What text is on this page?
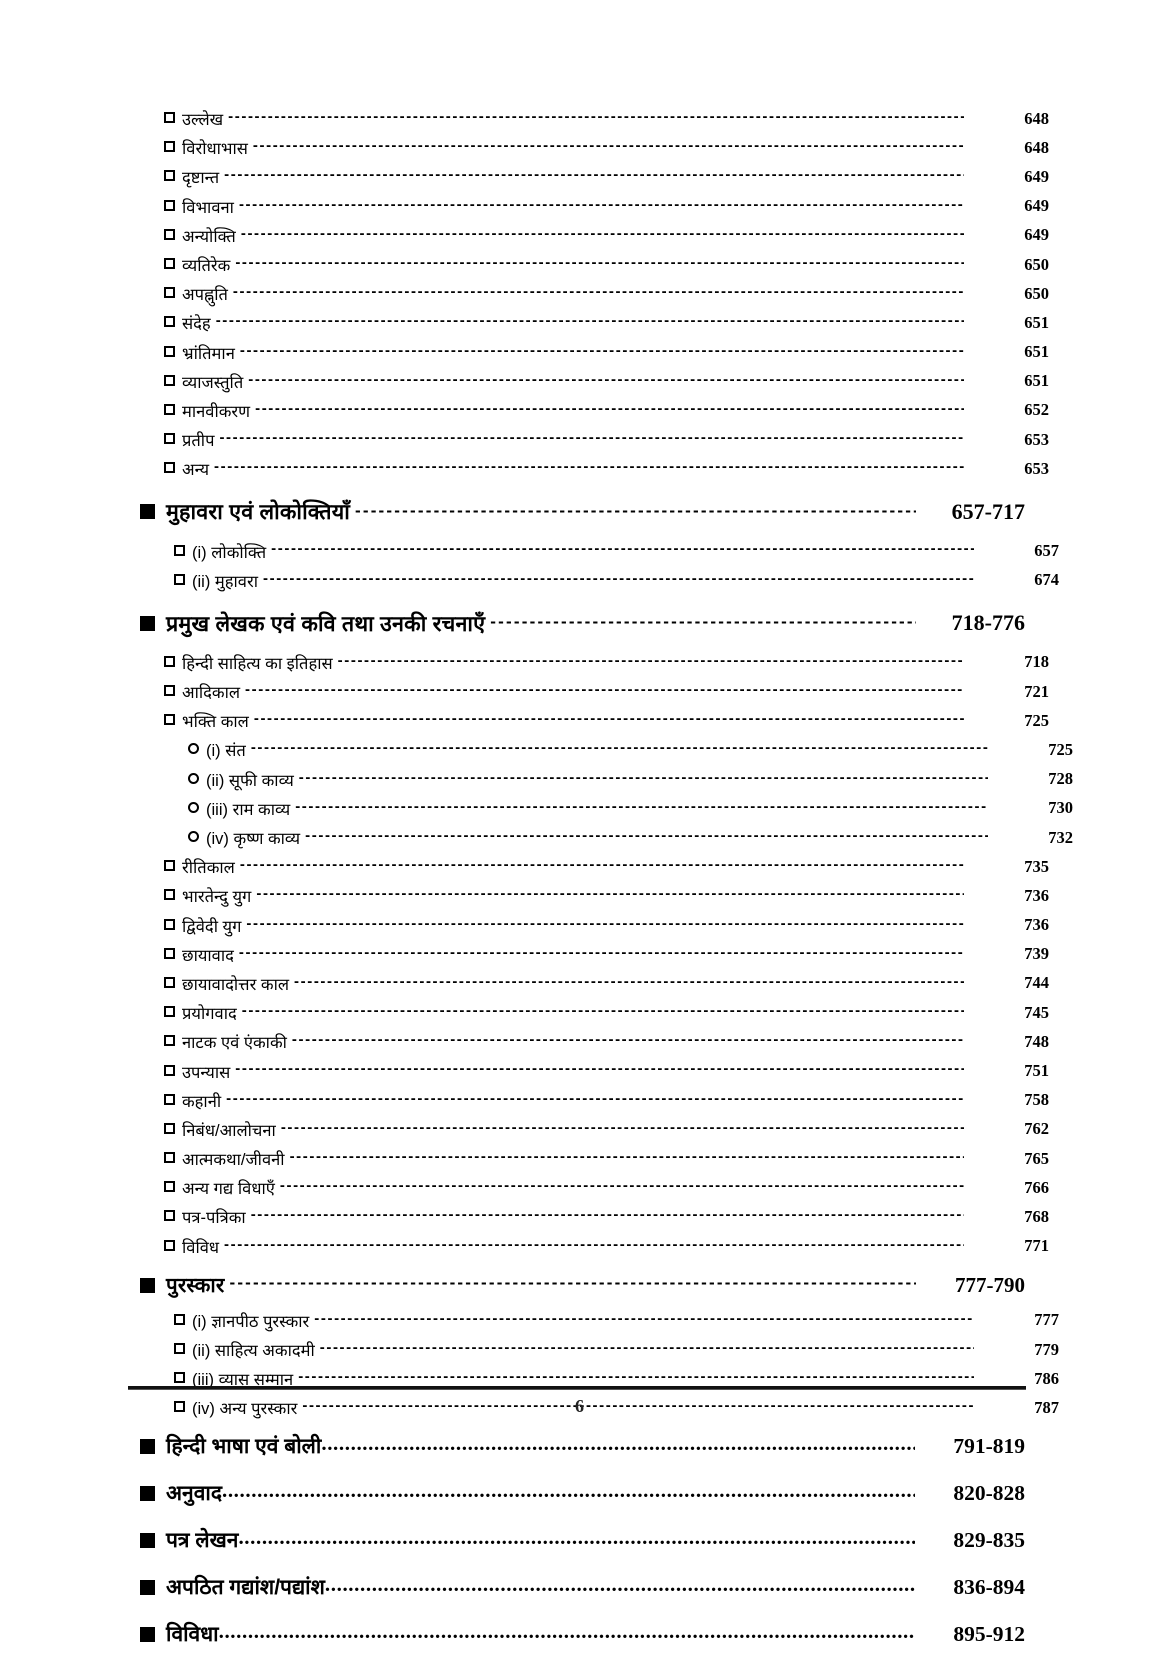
उल्लेख -----	648
विरोधाभास -----	648
दृष्टान्त -----	649
विभावना -----	649
अन्योक्ति -----	649
व्यतिरेक -----	650
अपह्नुति -----	650
संदेह -----	651
भ्रांतिमान -----	651
व्याजस्तुति -----	651
मानवीकरण -----	652
प्रतीप -----	653
अन्य -----	653
मुहावरा एवं लोकोक्तियाँ -----	657-717
(i) लोकोक्ति -----	657
(ii) मुहावरा -----	674
प्रमुख लेखक एवं कवि तथा उनकी रचनाएँ -----	718-776
हिन्दी साहित्य का इतिहास -----	718
आदिकाल -----	721
भक्ति काल -----	725
(i) संत -----	725
(ii) सूफी काव्य -----	728
(iii) राम काव्य -----	730
(iv) कृष्ण काव्य -----	732
रीतिकाल -----	735
भारतेन्दु युग -----	736
द्विवेदी युग -----	736
छायावाद -----	739
छायावादोत्तर काल -----	744
प्रयोगवाद -----	745
नाटक एवं एंकाकी -----	748
उपन्यास -----	751
कहानी -----	758
निबंध/आलोचना -----	762
आत्मकथा/जीवनी -----	765
अन्य गद्य विधाएँ -----	766
पत्र-पत्रिका -----	768
विविध -----	771
पुरस्कार -----	777-790
(i) ज्ञानपीठ पुरस्कार -----	777
(ii) साहित्य अकादमी -----	779
(iii) व्यास सम्मान -----	786
(iv) अन्य पुरस्कार -----	787
हिन्दी भाषा एवं बोली .....	791-819
अनुवाद .....	820-828
पत्र लेखन .....	829-835
अपठित गद्यांश/पद्यांश .....	836-894
विविधा .....	895-912
6
